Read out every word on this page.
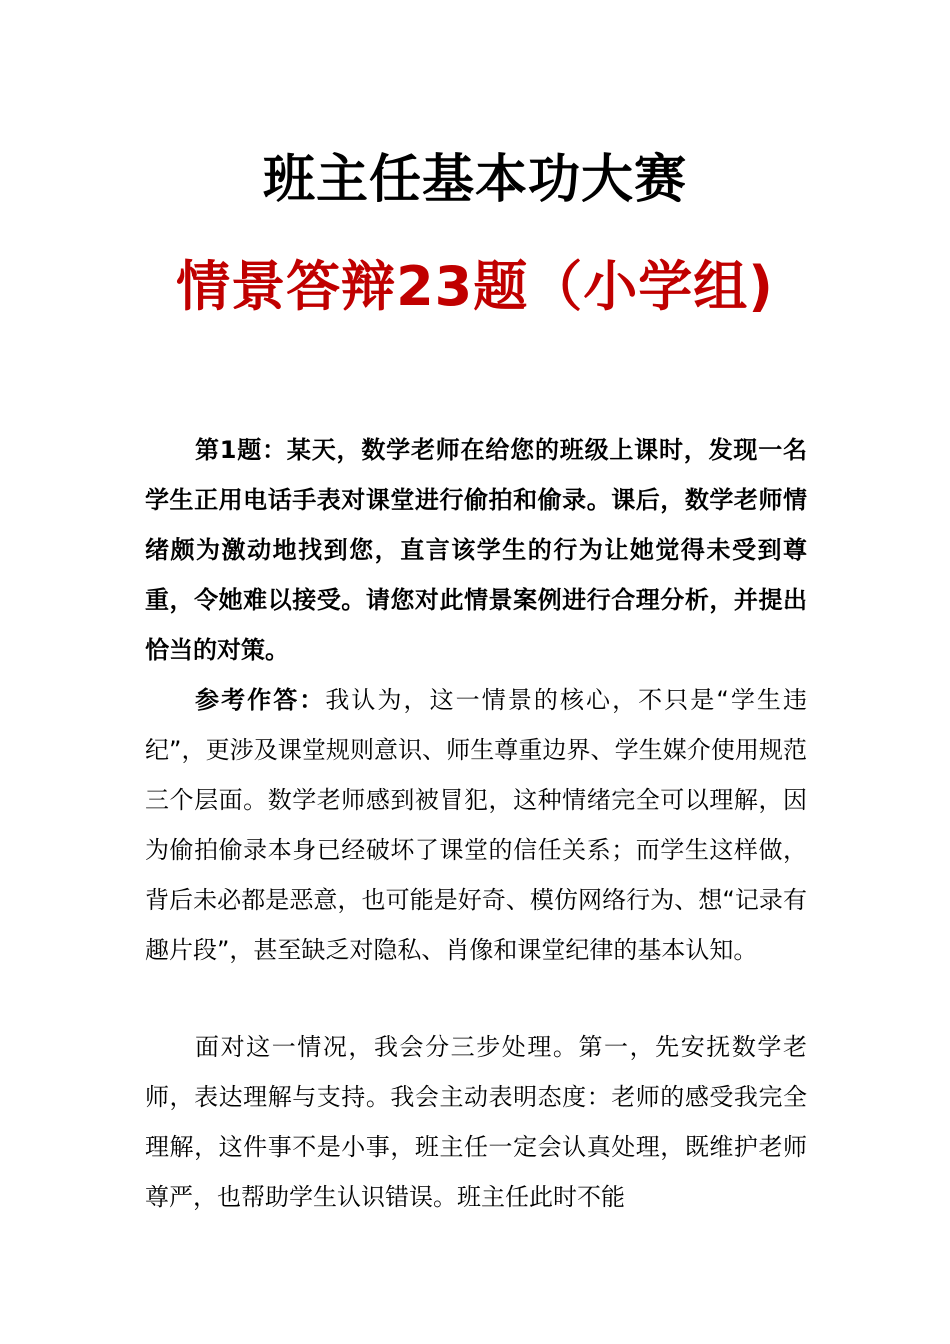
班主任基本功大赛
情景答辩23题（小学组)
第1题：某天，数学老师在给您的班级上课时，发现一名学生正用电话手表对课堂进行偷拍和偷录。课后，数学老师情绪颇为激动地找到您，直言该学生的行为让她觉得未受到尊重，令她难以接受。请您对此情景案例进行合理分析，并提出恰当的对策。
参考作答：我认为，这一情景的核心，不只是“学生违纪”，更涉及课堂规则意识、师生尊重边界、学生媒介使用规范三个层面。数学老师感到被冒犯，这种情绪完全可以理解，因为偷拍偷录本身已经破坏了课堂的信任关系；而学生这样做，背后未必都是恶意，也可能是好奇、模仿网络行为、想“记录有趣片段”，甚至缺乏对隐私、肖像和课堂纪律的基本认知。
面对这一情况，我会分三步处理。第一，先安抚数学老师，表达理解与支持。我会主动表明态度：老师的感受我完全理解，这件事不是小事，班主任一定会认真处理，既维护老师尊严，也帮助学生认识错误。班主任此时不能
